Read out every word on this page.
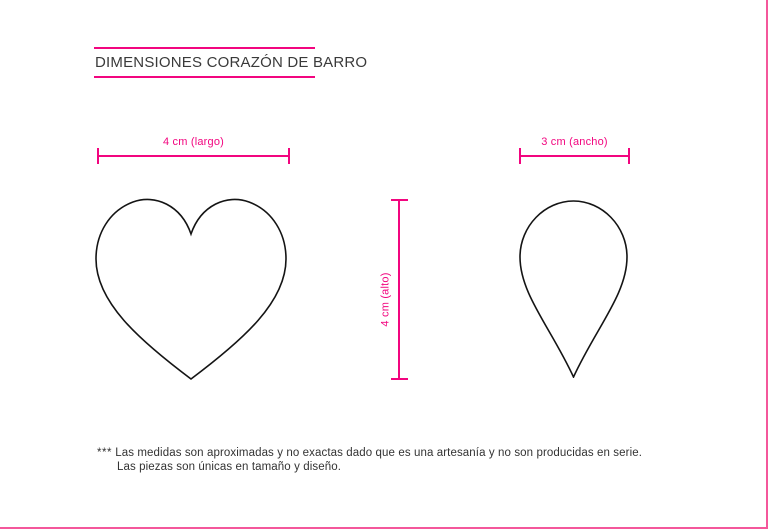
DIMENSIONES CORAZÓN DE BARRO
4 cm (largo)	3 cm (ancho)
4 cm (alto)
*** Las medidas son aproximadas y no exactas dado que es una artesanía y no son producidas en serie.
Las piezas son únicas en tamaño y diseño.
